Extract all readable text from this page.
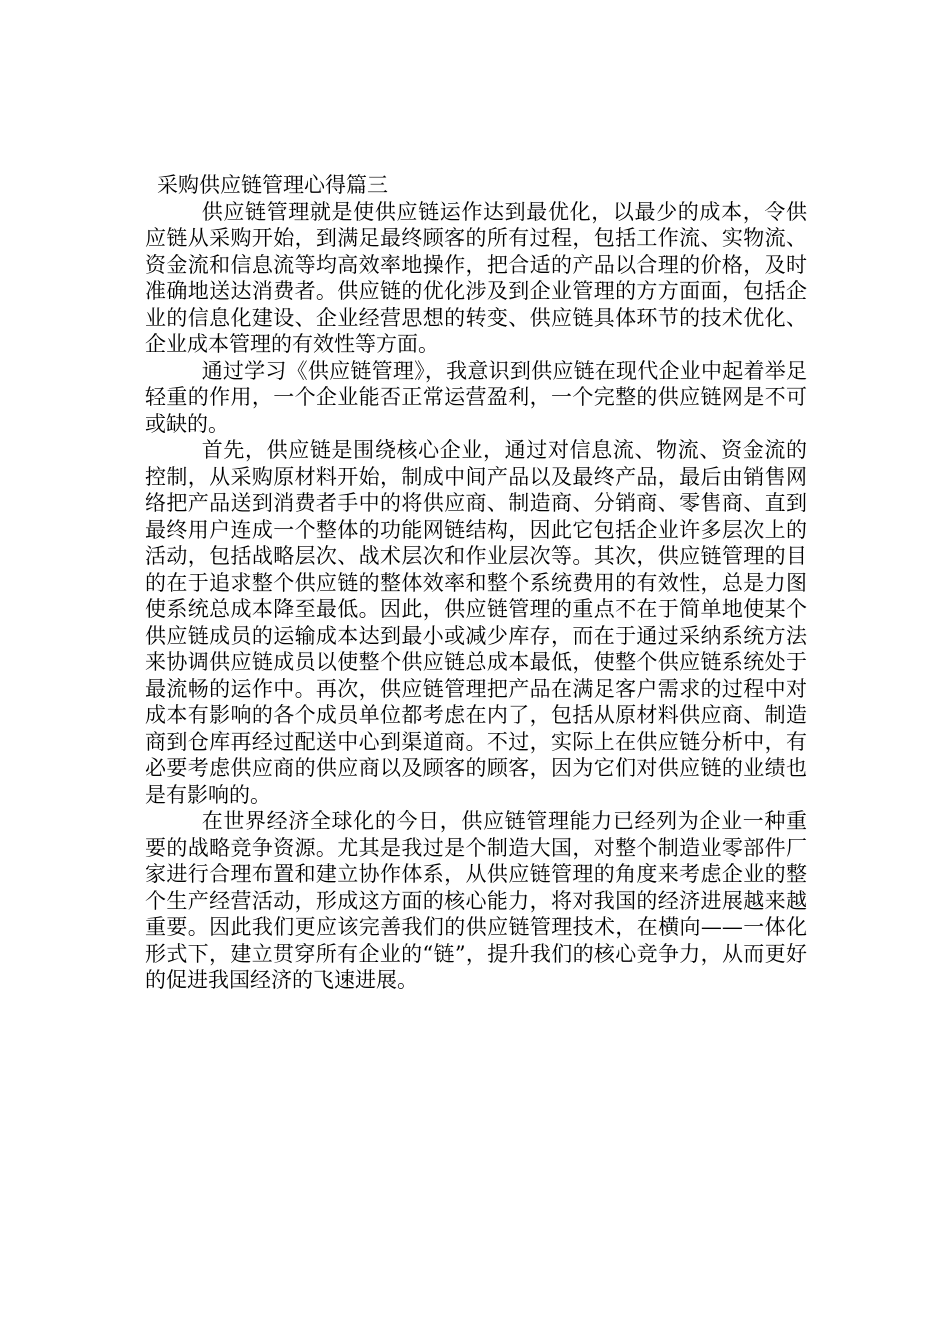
采购供应链管理心得篇三

供应链管理就是使供应链运作达到最优化，以最少的成本，令供应链从采购开始，到满足最终顾客的所有过程，包括工作流、实物流、资金流和信息流等均高效率地操作，把合适的产品以合理的价格，及时准确地送达消费者。供应链的优化涉及到企业管理的方方面面，包括企业的信息化建设、企业经营思想的转变、供应链具体环节的技术优化、企业成本管理的有效性等方面。

通过学习《供应链管理》，我意识到供应链在现代企业中起着举足轻重的作用，一个企业能否正常运营盈利，一个完整的供应链网是不可或缺的。

首先，供应链是围绕核心企业，通过对信息流、物流、资金流的控制，从采购原材料开始，制成中间产品以及最终产品，最后由销售网络把产品送到消费者手中的将供应商、制造商、分销商、零售商、直到最终用户连成一个整体的功能网链结构，因此它包括企业许多层次上的活动，包括战略层次、战术层次和作业层次等。其次，供应链管理的目的在于追求整个供应链的整体效率和整个系统费用的有效性，总是力图使系统总成本降至最低。因此，供应链管理的重点不在于简单地使某个供应链成员的运输成本达到最小或减少库存，而在于通过采纳系统方法来协调供应链成员以使整个供应链总成本最低，使整个供应链系统处于最流畅的运作中。再次，供应链管理把产品在满足客户需求的过程中对成本有影响的各个成员单位都考虑在内了，包括从原材料供应商、制造商到仓库再经过配送中心到渠道商。不过，实际上在供应链分析中，有必要考虑供应商的供应商以及顾客的顾客，因为它们对供应链的业绩也是有影响的。

在世界经济全球化的今日，供应链管理能力已经列为企业一种重要的战略竞争资源。尤其是我过是个制造大国，对整个制造业零部件厂家进行合理布置和建立协作体系，从供应链管理的角度来考虑企业的整个生产经营活动，形成这方面的核心能力，将对我国的经济进展越来越重要。因此我们更应该完善我们的供应链管理技术，在横向——一体化形式下，建立贯穿所有企业的“链”，提升我们的核心竞争力，从而更好的促进我国经济的飞速进展。
